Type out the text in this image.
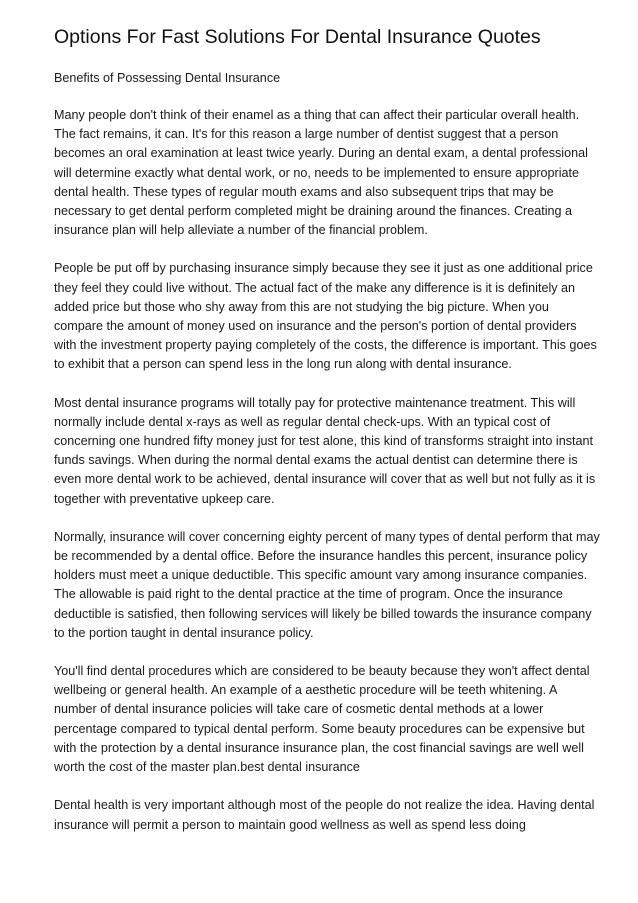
Options For Fast Solutions For Dental Insurance Quotes

Benefits of Possessing Dental Insurance

Many people don't think of their enamel as a thing that can affect their particular overall health. The fact remains, it can. It's for this reason a large number of dentist suggest that a person becomes an oral examination at least twice yearly. During an dental exam, a dental professional will determine exactly what dental work, or no, needs to be implemented to ensure appropriate dental health. These types of regular mouth exams and also subsequent trips that may be necessary to get dental perform completed might be draining around the finances. Creating a insurance plan will help alleviate a number of the financial problem.

People be put off by purchasing insurance simply because they see it just as one additional price they feel they could live without. The actual fact of the make any difference is it is definitely an added price but those who shy away from this are not studying the big picture. When you compare the amount of money used on insurance and the person's portion of dental providers with the investment property paying completely of the costs, the difference is important. This goes to exhibit that a person can spend less in the long run along with dental insurance.

Most dental insurance programs will totally pay for protective maintenance treatment. This will normally include dental x-rays as well as regular dental check-ups. With an typical cost of concerning one hundred fifty money just for test alone, this kind of transforms straight into instant funds savings. When during the normal dental exams the actual dentist can determine there is even more dental work to be achieved, dental insurance will cover that as well but not fully as it is together with preventative upkeep care.

Normally, insurance will cover concerning eighty percent of many types of dental perform that may be recommended by a dental office. Before the insurance handles this percent, insurance policy holders must meet a unique deductible. This specific amount vary among insurance companies. The allowable is paid right to the dental practice at the time of program. Once the insurance deductible is satisfied, then following services will likely be billed towards the insurance company to the portion taught in dental insurance policy.

You'll find dental procedures which are considered to be beauty because they won't affect dental wellbeing or general health. An example of a aesthetic procedure will be teeth whitening. A number of dental insurance policies will take care of cosmetic dental methods at a lower percentage compared to typical dental perform. Some beauty procedures can be expensive but with the protection by a dental insurance insurance plan, the cost financial savings are well well worth the cost of the master plan.best dental insurance

Dental health is very important although most of the people do not realize the idea. Having dental insurance will permit a person to maintain good wellness as well as spend less doing
